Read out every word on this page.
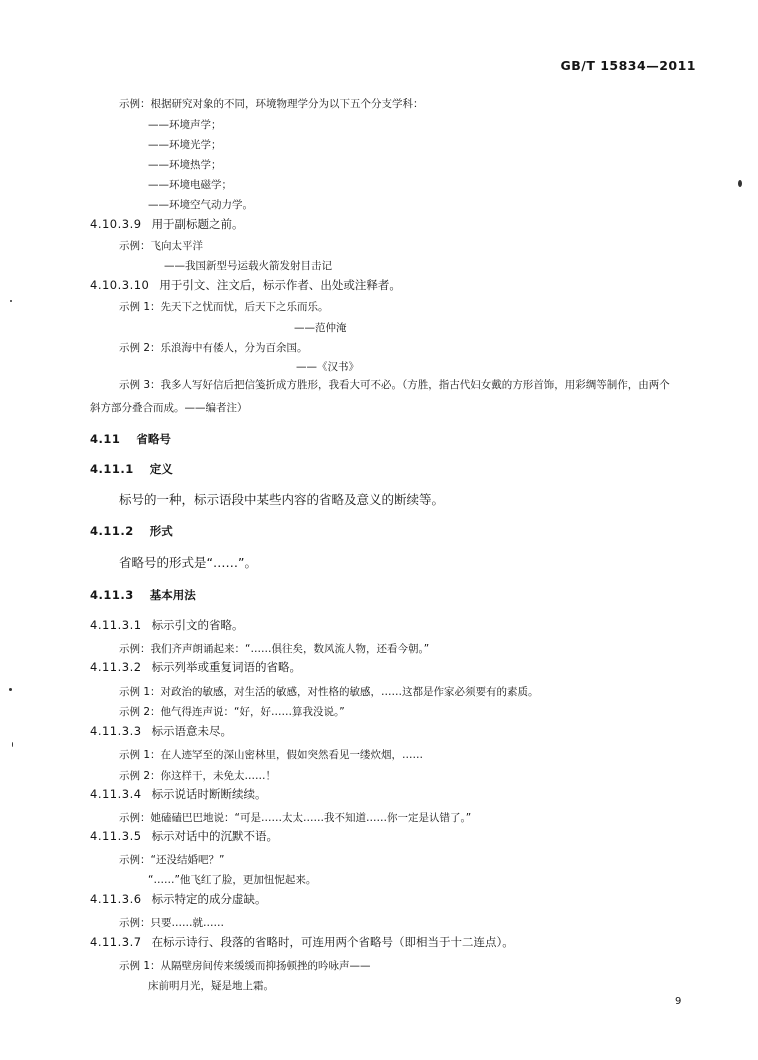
GB/T 15834—2011
示例：根据研究对象的不同，环境物理学分为以下五个分支学科：
——环境声学；
——环境光学；
——环境热学；
——环境电磁学；
——环境空气动力学。
4.10.3.9 用于副标题之前。
示例：飞向太平洋
——我国新型号运载火箭发射目击记
4.10.3.10 用于引文、注文后，标示作者、出处或注释者。
示例 1：先天下之忧而忧，后天下之乐而乐。
——范仲淹
示例 2：乐浪海中有倭人，分为百余国。
——《汉书》
示例 3：我多人写好信后把信笺折成方胜形，我看大可不必。（方胜，指古代妇女戴的方形首饰，用彩绸等制作，由两个斜方部分叠合而成。——编者注）
4.11 省略号
4.11.1 定义
标号的一种，标示语段中某些内容的省略及意义的断续等。
4.11.2 形式
省略号的形式是“……”。
4.11.3 基本用法
4.11.3.1 标示引文的省略。
示例：我们齐声朗诵起来：“……俱往矣，数风流人物，还看今朝。”
4.11.3.2 标示列举或重复词语的省略。
示例 1：对政治的敏感，对生活的敏感，对性格的敏感，……这都是作家必须要有的素质。
示例 2：他气得连声说：“好，好……算我没说。”
4.11.3.3 标示语意未尽。
示例 1：在人迹罕至的深山密林里，假如突然看见一缕炊烟，……
示例 2：你这样干，未免太……！
4.11.3.4 标示说话时断断续续。
示例：她磕磕巴巴地说：“可是……太太……我不知道……你一定是认错了。”
4.11.3.5 标示对话中的沉默不语。
示例：“还没结婚吧？”
“……”他飞红了脸，更加忸怩起来。
4.11.3.6 标示特定的成分虚缺。
示例：只要……就……
4.11.3.7 在标示诗行、段落的省略时，可连用两个省略号（即相当于十二连点）。
示例 1：从隔壁房间传来缓缓而抑扬顿挫的吟咏声——
床前明月光，疑是地上霜。
9
